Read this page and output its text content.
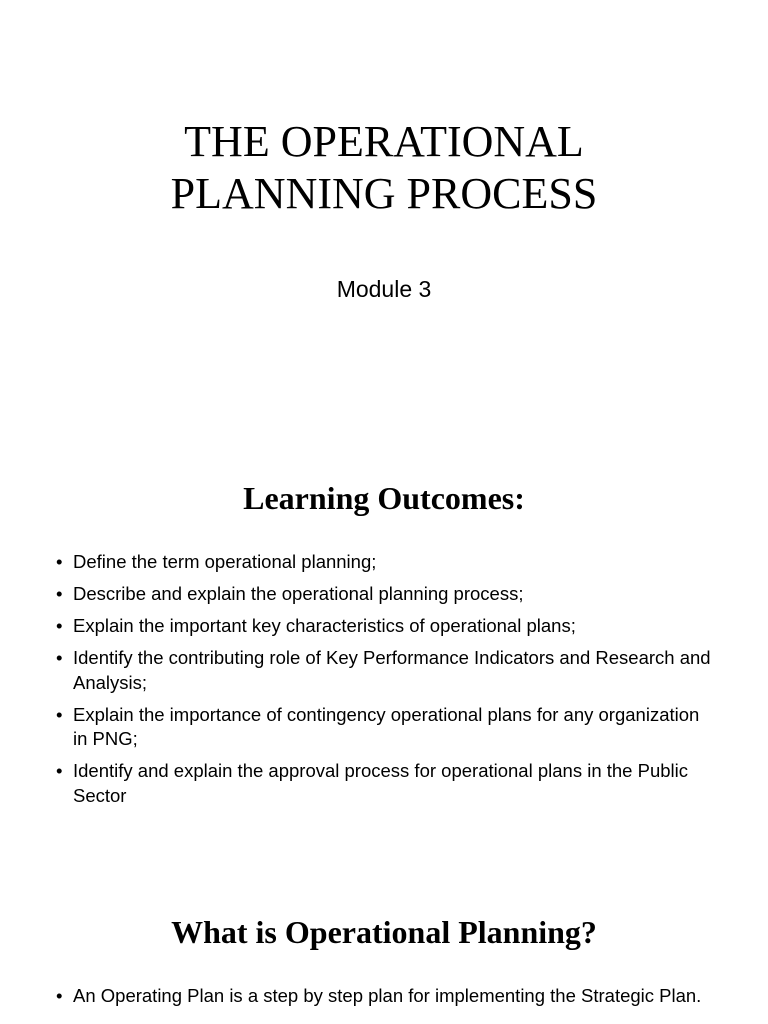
THE OPERATIONAL
PLANNING PROCESS

Module 3

Learning Outcomes:
• Define the term operational planning;
• Describe and explain the operational planning process;
• Explain the important key characteristics of operational plans;
• Identify the contributing role of Key Performance Indicators and Research and Analysis;
• Explain the importance of contingency operational plans for any organization in PNG;
• Identify and explain the approval process for operational plans in the Public Sector
What is Operational Planning?
• An Operating Plan is a step by step plan for implementing the Strategic Plan.
